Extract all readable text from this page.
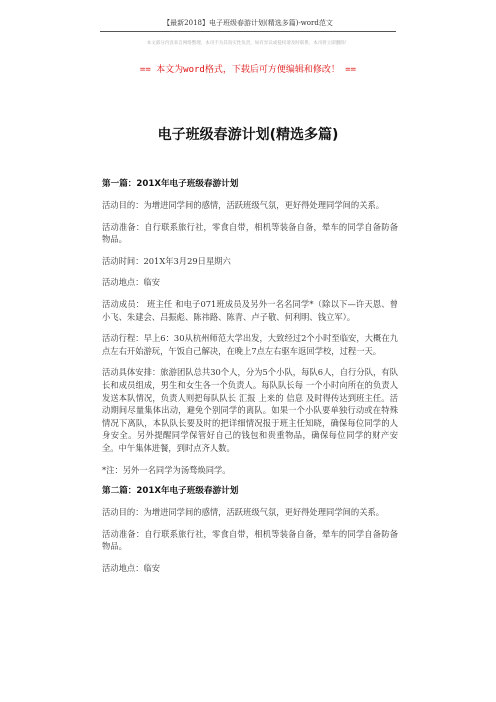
【最新2018】电子班级春游计划(精选多篇)-word范文
本文部分内容来自网络整理，本司不为其真实性负责，如有异议或侵权请及时联系，本司将立即删除！
== 本文为word格式，下载后可方便编辑和修改！ ==
电子班级春游计划(精选多篇)
第一篇：201X年电子班级春游计划

活动目的：为增进同学间的感情，活跃班级气氛，更好得处理同学间的关系。

活动准备：自行联系旅行社，零食自带，相机等装备自备，晕车的同学自备防备物品。

活动时间：201X年3月29日星期六

活动地点：临安

活动成员： 班主任 和电子071班成员及另外一名名同学*（除以下—许天恩、曾小飞、朱建会、吕振彪、陈祎路、陈青、卢子敬、何利明、钱立军）。

活动行程：早上6：30从杭州师范大学出发，大致经过2个小时至临安，大概在九点左右开始游玩，午饭自己解决，在晚上7点左右驱车返回学校，过程一天。

活动具体安排：旅游团队总共30个人，分为5个小队，每队6人，自行分队，有队长和成员组成，男生和女生各一个负责人。每队队长每 一个小时向所在的负责人发送本队情况，负责人则把每队队长 汇报 上来的 信息 及时得传达到班主任。活动期间尽量集体出动，避免个别同学的离队。如果一个小队要单独行动或在特殊情况下离队，本队队长要及时的把详细情况报于班主任知晓，确保每位同学的人身安全。另外提醒同学保管好自己的钱包和贵重物品，确保每位同学的财产安全。中午集体进餐，到时点齐人数。

*注：另外一名同学为汤骛焕同学。

第二篇：201X年电子班级春游计划

活动目的：为增进同学间的感情，活跃班级气氛，更好得处理同学间的关系。

活动准备：自行联系旅行社，零食自带，相机等装备自备，晕车的同学自备防备物品。

活动地点：临安
